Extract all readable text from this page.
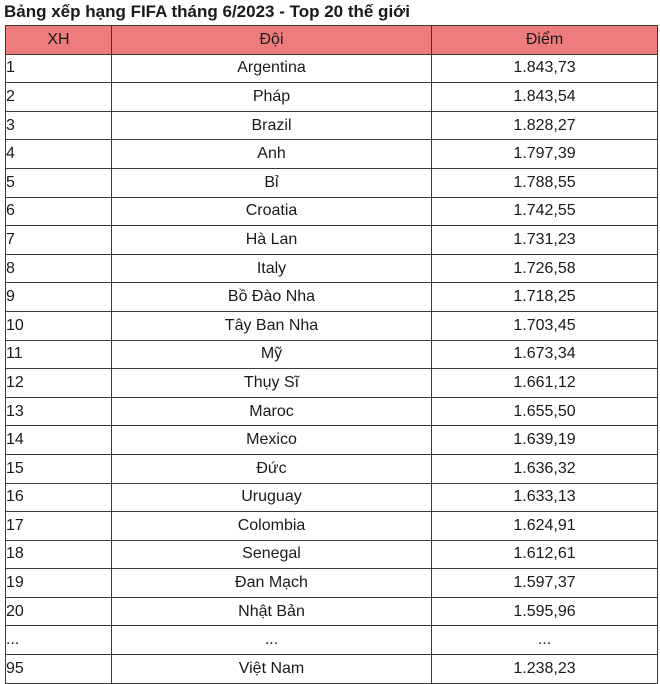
Bảng xếp hạng FIFA tháng 6/2023 - Top 20 thế giới
XH	Đội	Điểm
1	Argentina	1.843,73
2	Pháp	1.843,54
3	Brazil	1.828,27
4	Anh	1.797,39
5	Bỉ	1.788,55
6	Croatia	1.742,55
7	Hà Lan	1.731,23
8	Italy	1.726,58
9	Bồ Đào Nha	1.718,25
10	Tây Ban Nha	1.703,45
11	Mỹ	1.673,34
12	Thụy Sĩ	1.661,12
13	Maroc	1.655,50
14	Mexico	1.639,19
15	Đức	1.636,32
16	Uruguay	1.633,13
17	Colombia	1.624,91
18	Senegal	1.612,61
19	Đan Mạch	1.597,37
20	Nhật Bản	1.595,96
...	...	...
95	Việt Nam	1.238,23
